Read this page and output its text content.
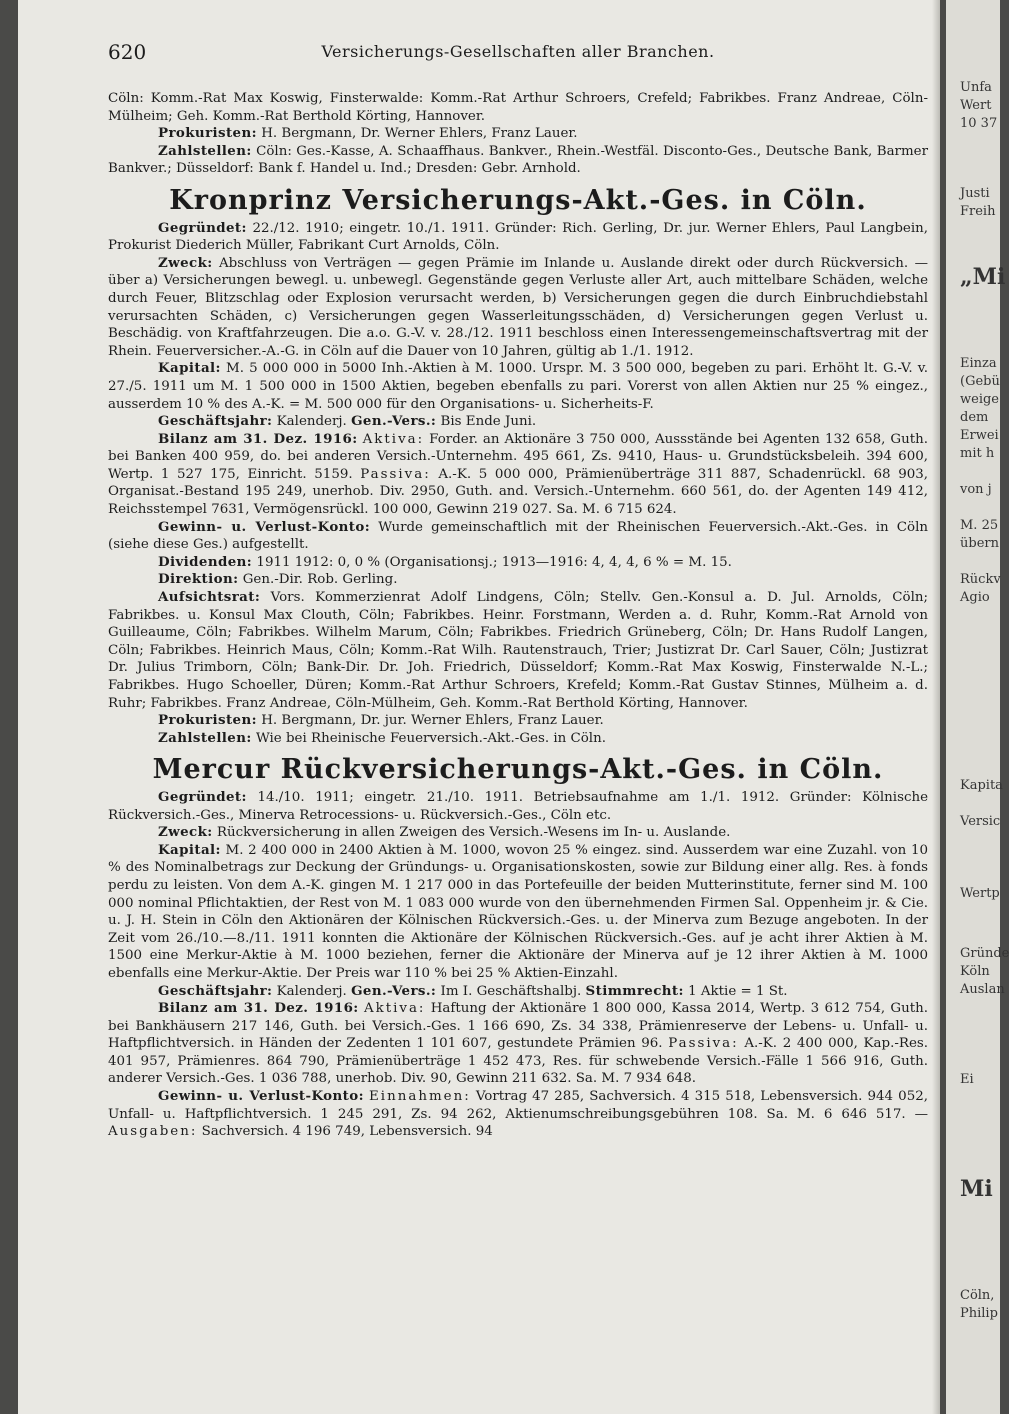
620	Versicherungs-Gesellschaften aller Branchen.

Cöln: Komm.-Rat Max Koswig, Finsterwalde: Komm.-Rat Arthur Schroers, Crefeld; Fabrikbes. Franz Andreae, Cöln-Mülheim; Geh. Komm.-Rat Berthold Körting, Hannover.

Prokuristen: H. Bergmann, Dr. Werner Ehlers, Franz Lauer.

Zahlstellen: Cöln: Ges.-Kasse, A. Schaaffhaus. Bankver., Rhein.-Westfäl. Disconto-Ges., Deutsche Bank, Barmer Bankver.; Düsseldorf: Bank f. Handel u. Ind.; Dresden: Gebr. Arnhold.

Kronprinz Versicherungs-Akt.-Ges. in Cöln.

Gegründet: 22./12. 1910; eingetr. 10./1. 1911. Gründer: Rich. Gerling, Dr. jur. Werner Ehlers, Paul Langbein, Prokurist Diederich Müller, Fabrikant Curt Arnolds, Cöln.

Zweck: Abschluss von Verträgen — gegen Prämie im Inlande u. Auslande direkt oder durch Rückversich. — über a) Versicherungen bewegl. u. unbewegl. Gegenstände gegen Verluste aller Art, auch mittelbare Schäden, welche durch Feuer, Blitzschlag oder Explosion verursacht werden, b) Versicherungen gegen die durch Einbruchdiebstahl verursachten Schäden, c) Versicherungen gegen Wasserleitungsschäden, d) Versicherungen gegen Verlust u. Beschädig. von Kraftfahrzeugen. Die a.o. G.-V. v. 28./12. 1911 beschloss einen Interessengemeinschaftsvertrag mit der Rhein. Feuerversicher.-A.-G. in Cöln auf die Dauer von 10 Jahren, gültig ab 1./1. 1912.

Kapital: M. 5 000 000 in 5000 Inh.-Aktien à M. 1000. Urspr. M. 3 500 000, begeben zu pari. Erhöht lt. G.-V. v. 27./5. 1911 um M. 1 500 000 in 1500 Aktien, begeben ebenfalls zu pari. Vorerst von allen Aktien nur 25 % eingez., ausserdem 10 % des A.-K. = M. 500 000 für den Organisations- u. Sicherheits-F.

Geschäftsjahr: Kalenderj. Gen.-Vers.: Bis Ende Juni.

Bilanz am 31. Dez. 1916: Aktiva: Forder. an Aktionäre 3 750 000, Aussstände bei Agenten 132 658, Guth. bei Banken 400 959, do. bei anderen Versich.-Unternehm. 495 661, Zs. 9410, Haus- u. Grundstücksbeleih. 394 600, Wertp. 1 527 175, Einricht. 5159. Passiva: A.-K. 5 000 000, Prämienüberträge 311 887, Schadenrückl. 68 903, Organisat.-Bestand 195 249, unerhob. Div. 2950, Guth. and. Versich.-Unternehm. 660 561, do. der Agenten 149 412, Reichsstempel 7631, Vermögensrückl. 100 000, Gewinn 219 027. Sa. M. 6 715 624.

Gewinn- u. Verlust-Konto: Wurde gemeinschaftlich mit der Rheinischen Feuerversich.-Akt.-Ges. in Cöln (siehe diese Ges.) aufgestellt.

Dividenden: 1911 1912: 0, 0 % (Organisationsj.; 1913—1916: 4, 4, 4, 6 % = M. 15.

Direktion: Gen.-Dir. Rob. Gerling.

Aufsichtsrat: Vors. Kommerzienrat Adolf Lindgens, Cöln; Stellv. Gen.-Konsul a. D. Jul. Arnolds, Cöln; Fabrikbes. u. Konsul Max Clouth, Cöln; Fabrikbes. Heinr. Forstmann, Werden a. d. Ruhr, Komm.-Rat Arnold von Guilleaume, Cöln; Fabrikbes. Wilhelm Marum, Cöln; Fabrikbes. Friedrich Grüneberg, Cöln; Dr. Hans Rudolf Langen, Cöln; Fabrikbes. Heinrich Maus, Cöln; Komm.-Rat Wilh. Rautenstrauch, Trier; Justizrat Dr. Carl Sauer, Cöln; Justizrat Dr. Julius Trimborn, Cöln; Bank-Dir. Dr. Joh. Friedrich, Düsseldorf; Komm.-Rat Max Koswig, Finsterwalde N.-L.; Fabrikbes. Hugo Schoeller, Düren; Komm.-Rat Arthur Schroers, Krefeld; Komm.-Rat Gustav Stinnes, Mülheim a. d. Ruhr; Fabrikbes. Franz Andreae, Cöln-Mülheim, Geh. Komm.-Rat Berthold Körting, Hannover.

Prokuristen: H. Bergmann, Dr. jur. Werner Ehlers, Franz Lauer.

Zahlstellen: Wie bei Rheinische Feuerversich.-Akt.-Ges. in Cöln.

Mercur Rückversicherungs-Akt.-Ges. in Cöln.

Gegründet: 14./10. 1911; eingetr. 21./10. 1911. Betriebsaufnahme am 1./1. 1912. Gründer: Kölnische Rückversich.-Ges., Minerva Retrocessions- u. Rückversich.-Ges., Cöln etc.

Zweck: Rückversicherung in allen Zweigen des Versich.-Wesens im In- u. Auslande.

Kapital: M. 2 400 000 in 2400 Aktien à M. 1000, wovon 25 % eingez. sind. Ausserdem war eine Zuzahl. von 10 % des Nominalbetrags zur Deckung der Gründungs- u. Organisationskosten, sowie zur Bildung einer allg. Res. à fonds perdu zu leisten. Von dem A.-K. gingen M. 1 217 000 in das Portefeuille der beiden Mutterinstitute, ferner sind M. 100 000 nominal Pflichtaktien, der Rest von M. 1 083 000 wurde von den übernehmenden Firmen Sal. Oppenheim jr. & Cie. u. J. H. Stein in Cöln den Aktionären der Kölnischen Rückversich.-Ges. u. der Minerva zum Bezuge angeboten. In der Zeit vom 26./10.—8./11. 1911 konnten die Aktionäre der Kölnischen Rückversich.-Ges. auf je acht ihrer Aktien à M. 1500 eine Merkur-Aktie à M. 1000 beziehen, ferner die Aktionäre der Minerva auf je 12 ihrer Aktien à M. 1000 ebenfalls eine Merkur-Aktie. Der Preis war 110 % bei 25 % Aktien-Einzahl.

Geschäftsjahr: Kalenderj. Gen.-Vers.: Im I. Geschäftshalbj. Stimmrecht: 1 Aktie = 1 St.

Bilanz am 31. Dez. 1916: Aktiva: Haftung der Aktionäre 1 800 000, Kassa 2014, Wertp. 3 612 754, Guth. bei Bankhäusern 217 146, Guth. bei Versich.-Ges. 1 166 690, Zs. 34 338, Prämienreserve der Lebens- u. Unfall- u. Haftpflichtversich. in Händen der Zedenten 1 101 607, gestundete Prämien 96. Passiva: A.-K. 2 400 000, Kap.-Res. 401 957, Prämienres. 864 790, Prämienüberträge 1 452 473, Res. für schwebende Versich.-Fälle 1 566 916, Guth. anderer Versich.-Ges. 1 036 788, unerhob. Div. 90, Gewinn 211 632. Sa. M. 7 934 648.

Gewinn- u. Verlust-Konto: Einnahmen: Vortrag 47 285, Sachversich. 4 315 518, Lebensversich. 944 052, Unfall- u. Haftpflichtversich. 1 245 291, Zs. 94 262, Aktienumschreibungsgebühren 108. Sa. M. 6 646 517. — Ausgaben: Sachversich. 4 196 749, Lebensversich. 94

Unfa
Wert
10 37
Justi
Freih
„Mi
Einza
(Gebü
weige
dem
Erwei
mit h
von j
M. 25
übern
Rückv
Agio
Kapita
Versic
Wertp
Gründe
Köln
Auslan
Ei
Mi
Cöln,
Philip
